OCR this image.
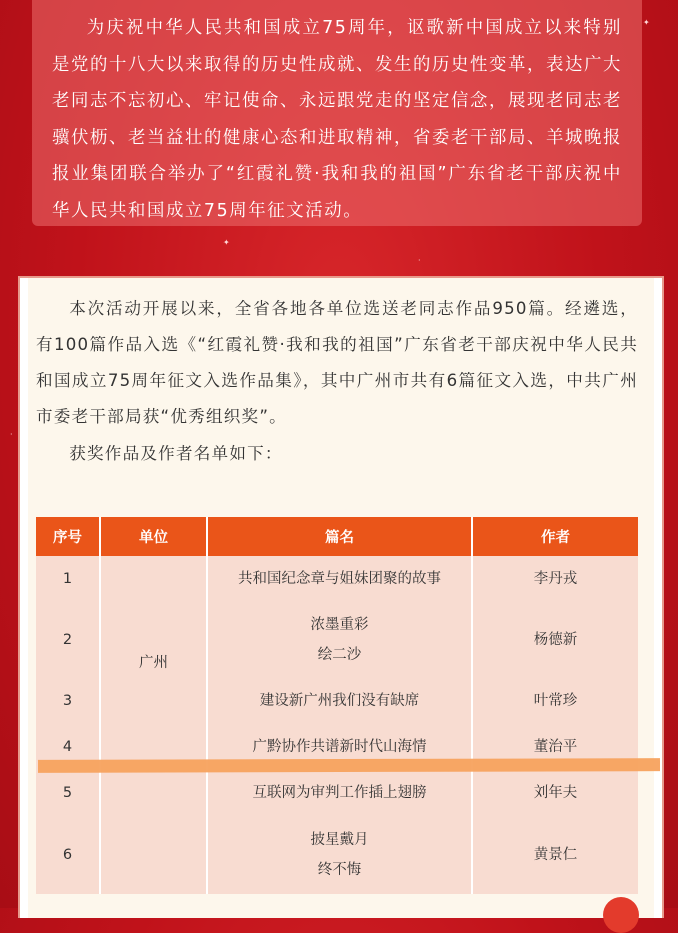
为庆祝中华人民共和国成立75周年，讴歌新中国成立以来特别是党的十八大以来取得的历史性成就、发生的历史性变革，表达广大老同志不忘初心、牢记使命、永远跟党走的坚定信念，展现老同志老骥伏枥、老当益壮的健康心态和进取精神，省委老干部局、羊城晚报报业集团联合举办了“红霞礼赞·我和我的祖国”广东省老干部庆祝中华人民共和国成立75周年征文活动。

✦
✦
·
·

本次活动开展以来，全省各地各单位选送老同志作品950篇。经遴选，有100篇作品入选《“红霞礼赞·我和我的祖国”广东省老干部庆祝中华人民共和国成立75周年征文入选作品集》，其中广州市共有6篇征文入选，中共广州市委老干部局获“优秀组织奖”。

获奖作品及作者名单如下：

序号	单位	篇名	作者
1	广州	共和国纪念章与姐妹团聚的故事	李丹戎
2		浓墨重彩
绘二沙	杨德新
3		建设新广州我们没有缺席	叶常珍
4		广黔协作共谱新时代山海情	董治平
5		互联网为审判工作插上翅膀	刘年夫
6		披星戴月
终不悔	黄景仁
